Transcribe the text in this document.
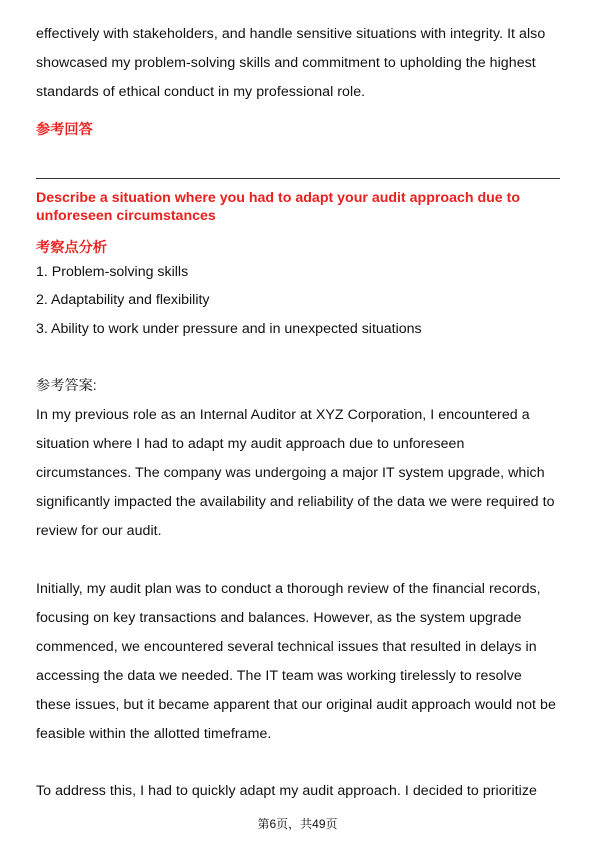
effectively with stakeholders, and handle sensitive situations with integrity. It also
showcased my problem-solving skills and commitment to upholding the highest
standards of ethical conduct in my professional role.
参考回答
Describe a situation where you had to adapt your audit approach due to
unforeseen circumstances
考察点分析
1. Problem-solving skills
2. Adaptability and flexibility
3. Ability to work under pressure and in unexpected situations
参考答案:
In my previous role as an Internal Auditor at XYZ Corporation, I encountered a
situation where I had to adapt my audit approach due to unforeseen
circumstances. The company was undergoing a major IT system upgrade, which
significantly impacted the availability and reliability of the data we were required to
review for our audit.
Initially, my audit plan was to conduct a thorough review of the financial records,
focusing on key transactions and balances. However, as the system upgrade
commenced, we encountered several technical issues that resulted in delays in
accessing the data we needed. The IT team was working tirelessly to resolve
these issues, but it became apparent that our original audit approach would not be
feasible within the allotted timeframe.
To address this, I had to quickly adapt my audit approach. I decided to prioritize
第6页，共49页
